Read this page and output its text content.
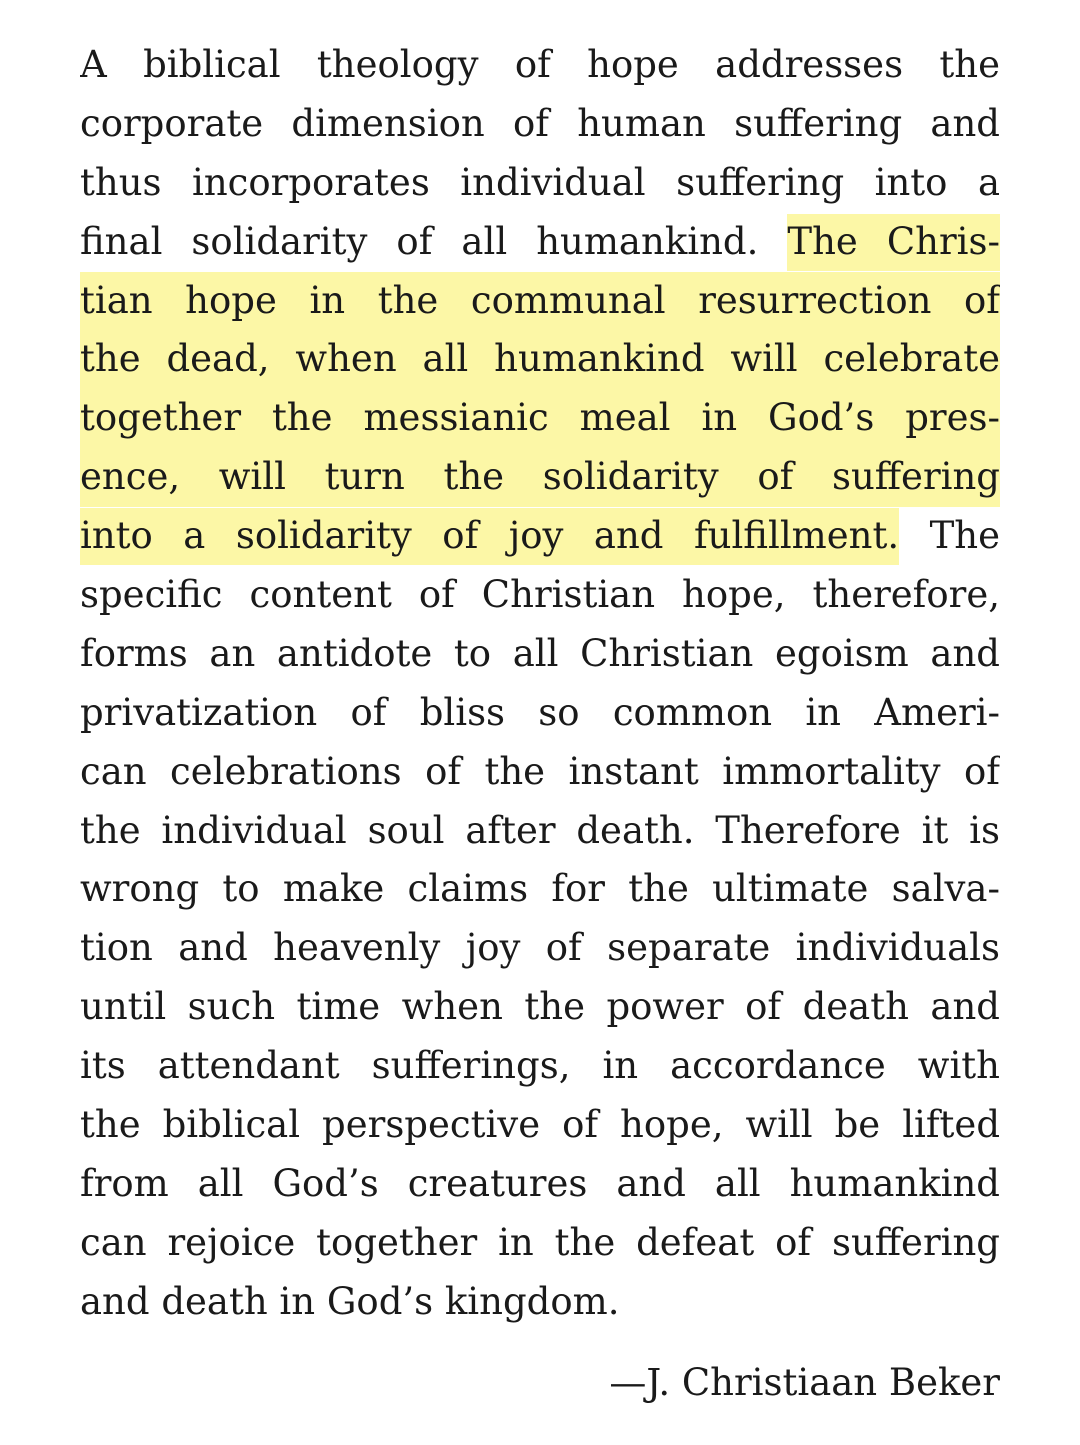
A biblical theology of hope addresses the
corporate dimension of human suffering and
thus incorporates individual suffering into a
final solidarity of all humankind. The Chris-
tian hope in the communal resurrection of
the dead, when all humankind will celebrate
together the messianic meal in God’s pres-
ence, will turn the solidarity of suffering
into a solidarity of joy and fulfillment. The
specific content of Christian hope, therefore,
forms an antidote to all Christian egoism and
privatization of bliss so common in Ameri-
can celebrations of the instant immortality of
the individual soul after death. Therefore it is
wrong to make claims for the ultimate salva-
tion and heavenly joy of separate individuals
until such time when the power of death and
its attendant sufferings, in accordance with
the biblical perspective of hope, will be lifted
from all God’s creatures and all humankind
can rejoice together in the defeat of suffering
and death in God’s kingdom.
—J. Christiaan Beker
